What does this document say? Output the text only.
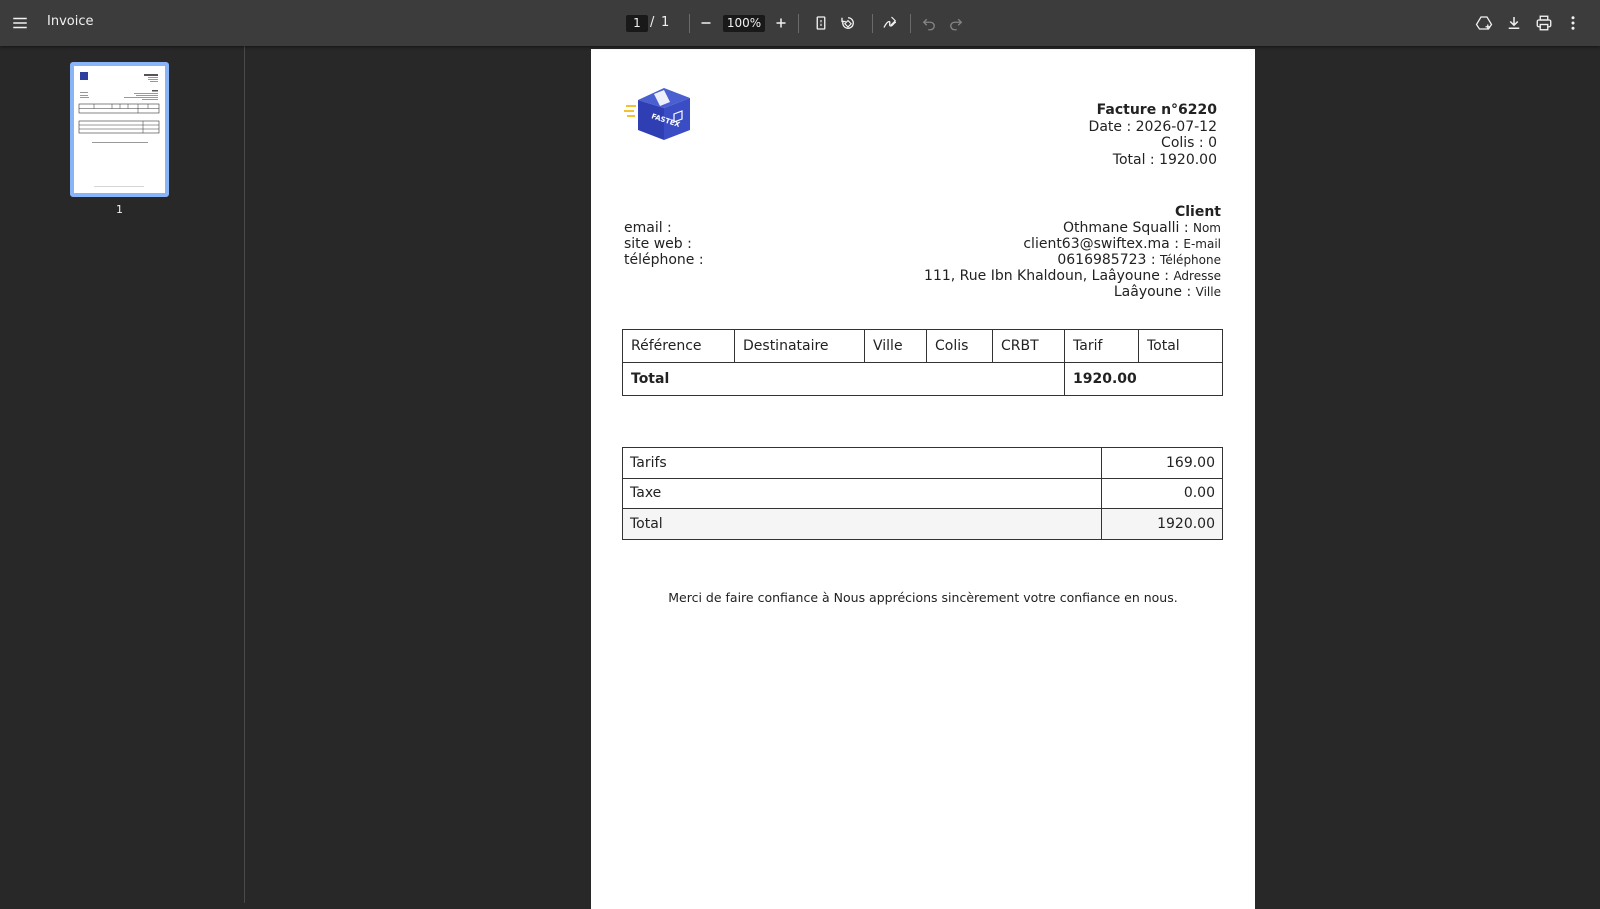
Invoice	1 / 1	100%
1
FASTEX
Facture n°6220
Date : 2026-07-12
Colis : 0
Total : 1920.00
email :
site web :
téléphone :
Client
Othmane Squalli : Nom
client63@swiftex.ma : E-mail
0616985723 : Téléphone
111, Rue Ibn Khaldoun, Laâyoune : Adresse
Laâyoune : Ville
Référence	Destinataire	Ville	Colis	CRBT	Tarif	Total
Total					1920.00	
Tarifs	169.00
Taxe	0.00
Total	1920.00
Merci de faire confiance à Nous apprécions sincèrement votre confiance en nous.
